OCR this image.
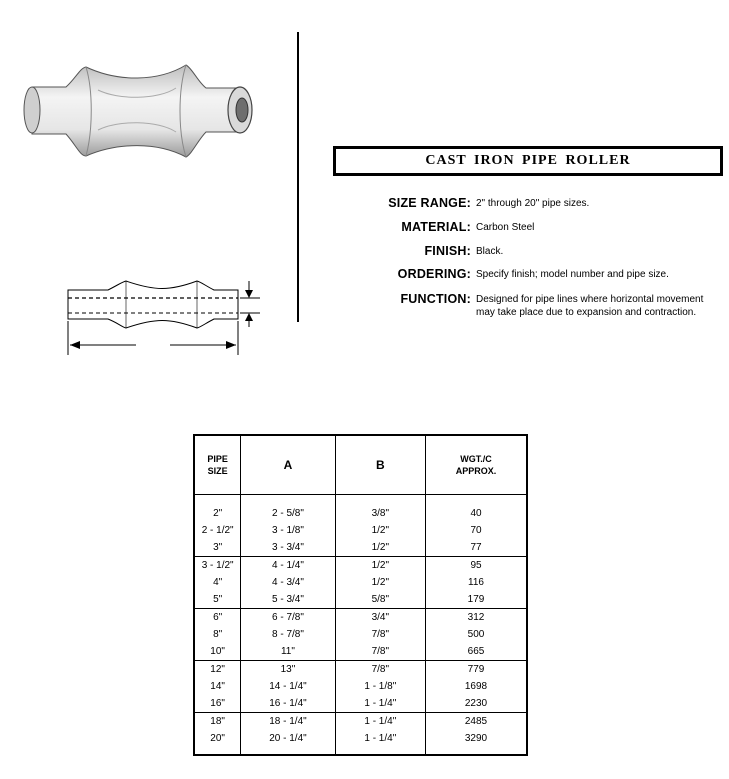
CAST IRON PIPE ROLLER
SIZE RANGE: 2" through 20" pipe sizes.
MATERIAL: Carbon Steel
FINISH: Black.
ORDERING: Specify finish; model number and pipe size.
FUNCTION: Designed for pipe lines where horizontal movement may take place due to expansion and contraction.
PIPE
SIZE	A	B	WGT./C
APPROX.
2"	2 - 5/8"	3/8"	40
2 - 1/2"	3 - 1/8"	1/2"	70
3"	3 - 3/4"	1/2"	77
3 - 1/2"	4 - 1/4"	1/2"	95
4"	4 - 3/4"	1/2"	116
5"	5 - 3/4"	5/8"	179
6"	6 - 7/8"	3/4"	312
8"	8 - 7/8"	7/8"	500
10"	11"	7/8"	665
12"	13"	7/8"	779
14"	14 - 1/4"	1 - 1/8"	1698
16"	16 - 1/4"	1 - 1/4"	2230
18"	18 - 1/4"	1 - 1/4"	2485
20"	20 - 1/4"	1 - 1/4"	3290
